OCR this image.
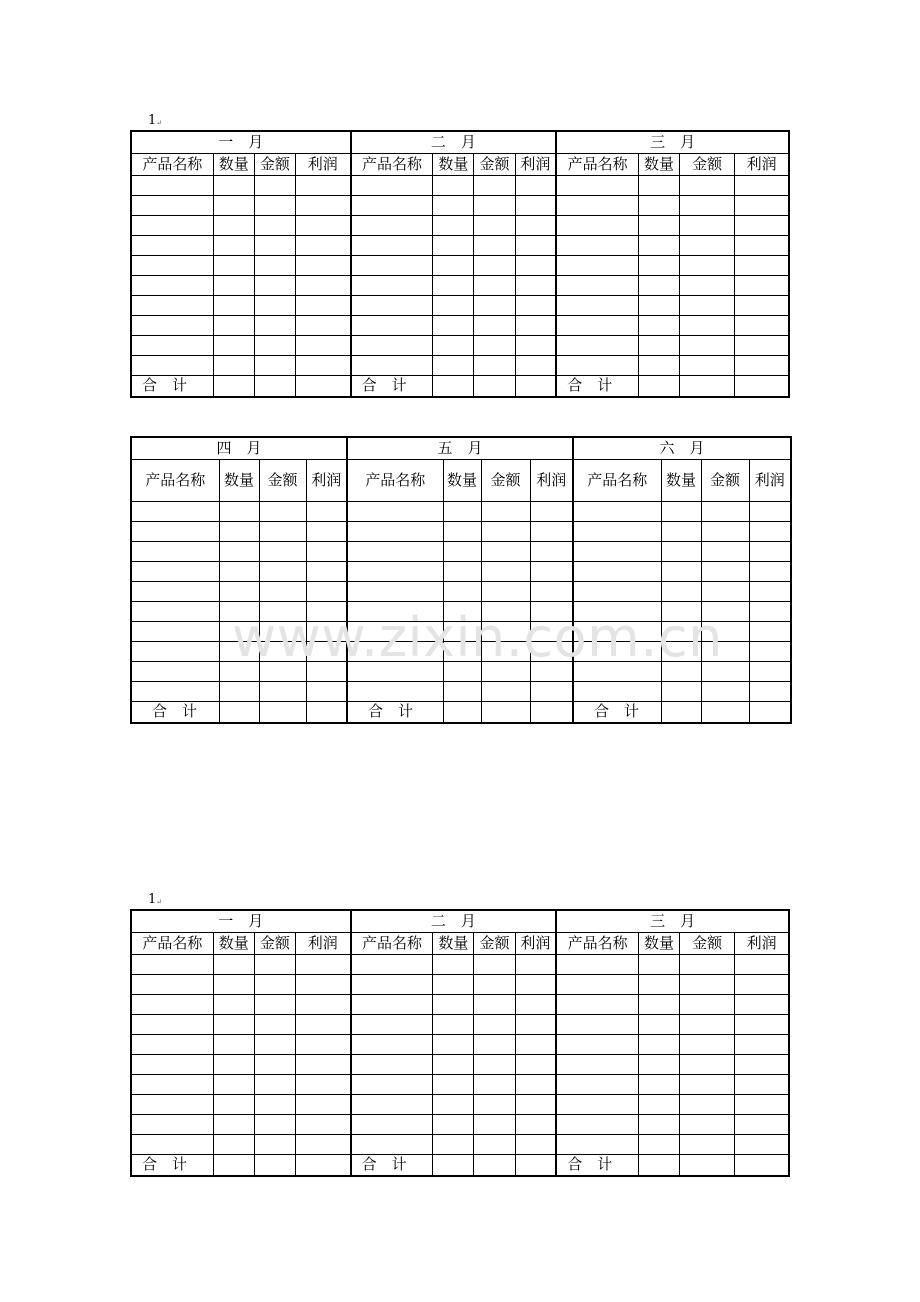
1↵
一　月				二　月				三　月			
产品名称	数量	金额	利润	产品名称	数量	金额	利润	产品名称	数量	金额	利润

合　计				合　计				合　计			
四　月				五　月				六　月			
产品名称	数量	金额	利润	产品名称	数量	金额	利润	产品名称	数量	金额	利润

合　计				合　计				合　计			
www.zixin.com.cn
1↵
一　月				二　月				三　月			
产品名称	数量	金额	利润	产品名称	数量	金额	利润	产品名称	数量	金额	利润

合　计				合　计				合　计			
